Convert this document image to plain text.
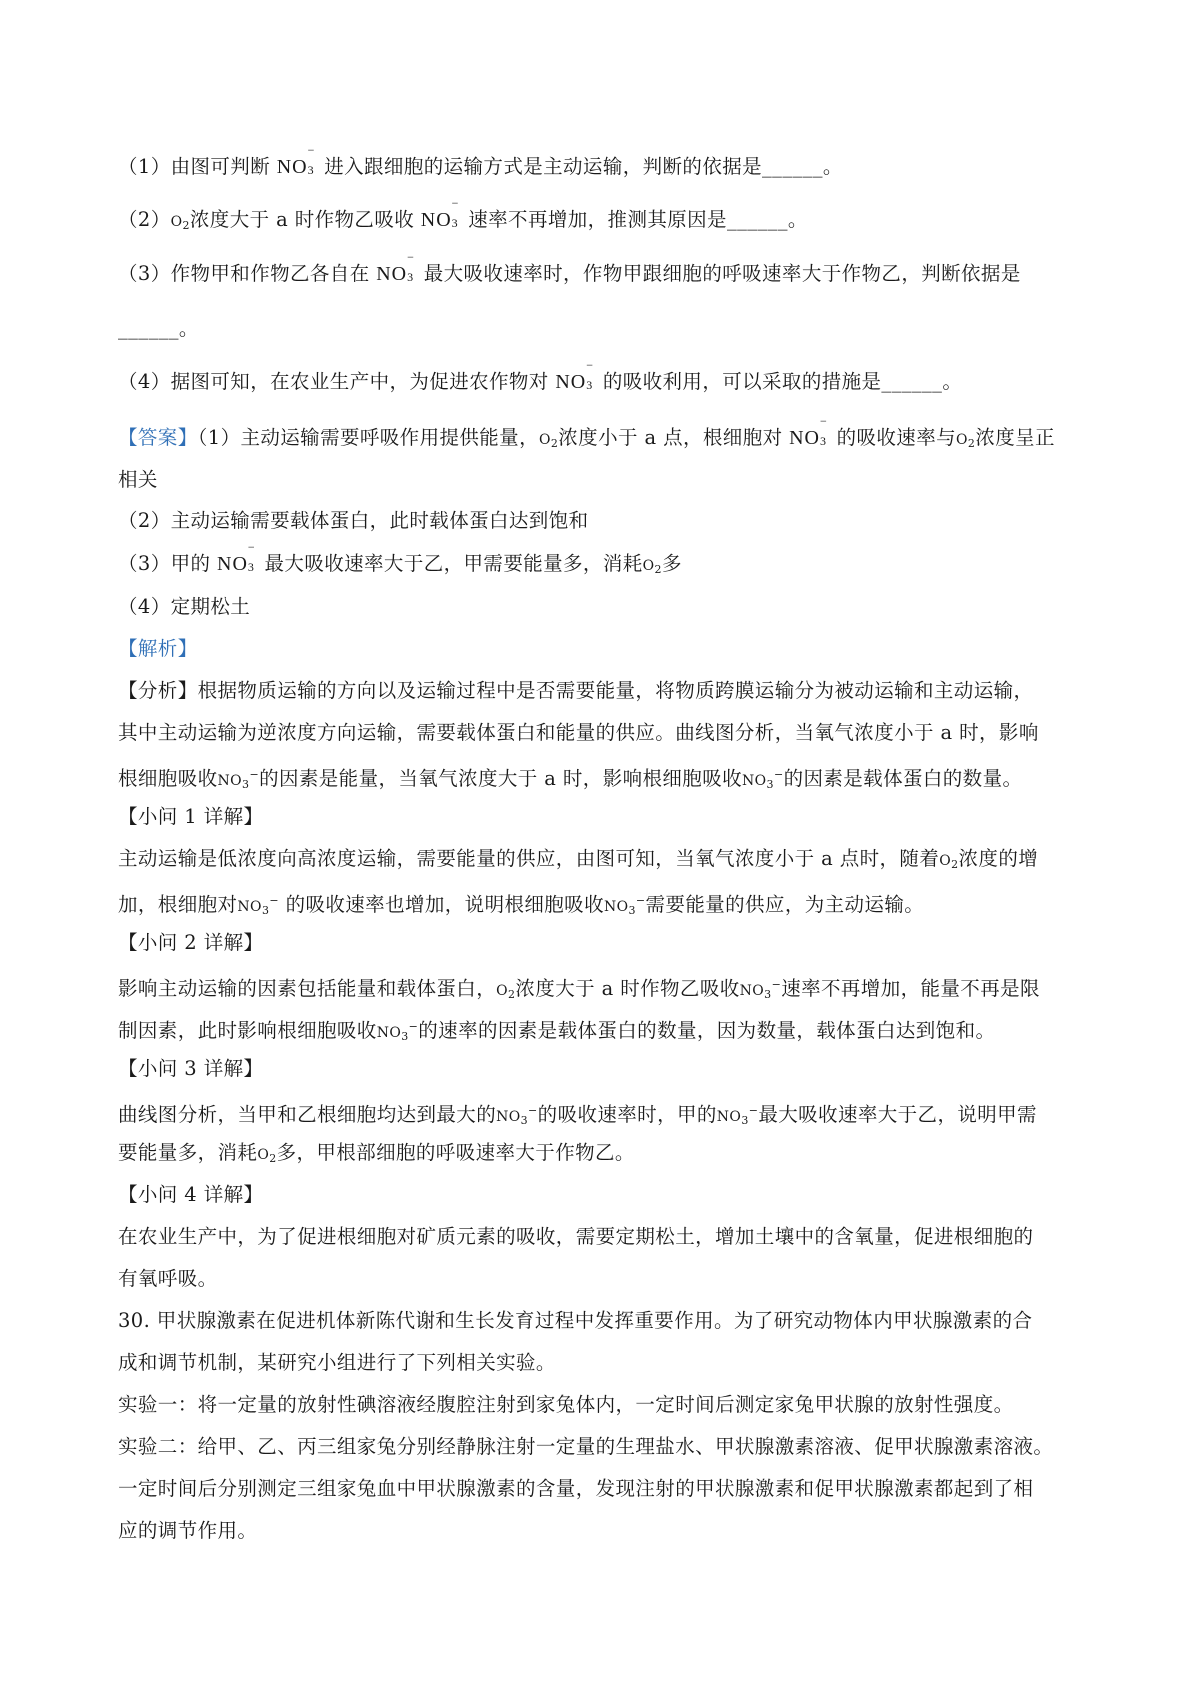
（1）由图可判断 NO
−
3 进入跟细胞的运输方式是主动运输，判断的依据是______。
$(2)O_2$浓度大于 a 时作物乙吸收 NO
−
3 速率不再增加，推测其原因是______。
（3）作物甲和作物乙各自在 NO
−
3 最大吸收速率时，作物甲跟细胞的呼吸速率大于作物乙，判断依据是
______。
（4）据图可知，在农业生产中，为促进农作物对 NO
−
3 的吸收利用，可以采取的措施是______。
【答案】（1）主动运输需要呼吸作用提供能量，$O_2$浓度小于 a 点，根细胞对 NO
−
3 的吸收速率与$O_2$浓度呈正
相关
（2）主动运输需要载体蛋白，此时载体蛋白达到饱和
（3）甲的 NO
−
3 最大吸收速率大于乙，甲需要能量多，消耗$O_2$多
（4）定期松土
【解析】
【分析】根据物质运输的方向以及运输过程中是否需要能量，将物质跨膜运输分为被动运输和主动运输，
其中主动运输为逆浓度方向运输，需要载体蛋白和能量的供应。曲线图分析，当氧气浓度小于 a 时，影响
根细胞吸收$NO_3^-$的因素是能量，当氧气浓度大于 a 时，影响根细胞吸收$NO_3^-$的因素是载体蛋白的数量。
【小问 1 详解】
主动运输是低浓度向高浓度运输，需要能量的供应，由图可知，当氧气浓度小于 a 点时，随着$O_2$浓度的增
加，根细胞对$NO_3^-$ 的吸收速率也增加，说明根细胞吸收$NO_3^-$需要能量的供应，为主动运输。
【小问 2 详解】
影响主动运输的因素包括能量和载体蛋白，$O_2$浓度大于 a 时作物乙吸收$NO_3^-$速率不再增加，能量不再是限
制因素，此时影响根细胞吸收$NO_3^-$的速率的因素是载体蛋白的数量，因为数量，载体蛋白达到饱和。
【小问 3 详解】
曲线图分析，当甲和乙根细胞均达到最大的$NO_3^-$的吸收速率时，甲的$NO_3^-$最大吸收速率大于乙，说明甲需
要能量多，消耗$O_2$多，甲根部细胞的呼吸速率大于作物乙。
【小问 4 详解】
在农业生产中，为了促进根细胞对矿质元素的吸收，需要定期松土，增加土壤中的含氧量，促进根细胞的
有氧呼吸。
30. 甲状腺激素在促进机体新陈代谢和生长发育过程中发挥重要作用。为了研究动物体内甲状腺激素的合
成和调节机制，某研究小组进行了下列相关实验。
实验一：将一定量的放射性碘溶液经腹腔注射到家兔体内，一定时间后测定家兔甲状腺的放射性强度。
实验二：给甲、乙、丙三组家兔分别经静脉注射一定量的生理盐水、甲状腺激素溶液、促甲状腺激素溶液。
一定时间后分别测定三组家兔血中甲状腺激素的含量，发现注射的甲状腺激素和促甲状腺激素都起到了相
应的调节作用。
